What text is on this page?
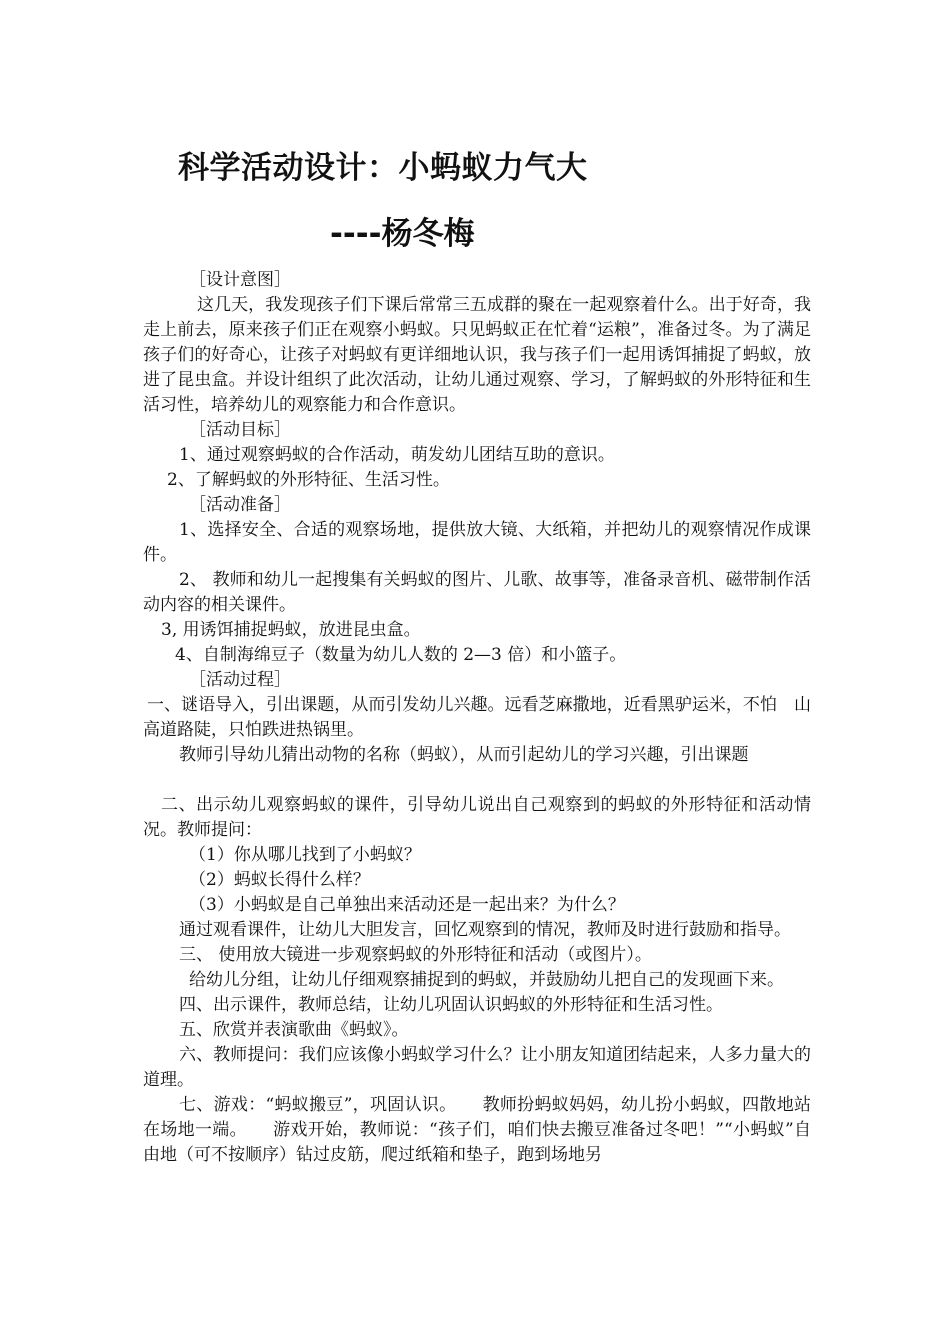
科学活动设计：小蚂蚁力气大
----杨冬梅

［设计意图］

这几天，我发现孩子们下课后常常三五成群的聚在一起观察着什么。出于好奇，我走上前去，原来孩子们正在观察小蚂蚁。只见蚂蚁正在忙着“运粮”，准备过冬。为了满足孩子们的好奇心，让孩子对蚂蚁有更详细地认识，我与孩子们一起用诱饵捕捉了蚂蚁，放进了昆虫盒。并设计组织了此次活动，让幼儿通过观察、学习，了解蚂蚁的外形特征和生活习性，培养幼儿的观察能力和合作意识。

［活动目标］

1、通过观察蚂蚁的合作活动，萌发幼儿团结互助的意识。

2、了解蚂蚁的外形特征、生活习性。

［活动准备］

1、选择安全、合适的观察场地，提供放大镜、大纸箱，并把幼儿的观察情况作成课件。

2、 教师和幼儿一起搜集有关蚂蚁的图片、儿歌、故事等，准备录音机、磁带制作活动内容的相关课件。

3, 用诱饵捕捉蚂蚁，放进昆虫盒。

4、自制海绵豆子（数量为幼儿人数的 2—3 倍）和小篮子。

［活动过程］

一、谜语导入，引出课题，从而引发幼儿兴趣。远看芝麻撒地，近看黑驴运米，不怕　山高道路陡，只怕跌进热锅里。

教师引导幼儿猜出动物的名称（蚂蚁），从而引起幼儿的学习兴趣，引出课题

二、出示幼儿观察蚂蚁的课件，引导幼儿说出自己观察到的蚂蚁的外形特征和活动情况。教师提问：

（1）你从哪儿找到了小蚂蚁？

（2）蚂蚁长得什么样？

（3）小蚂蚁是自己单独出来活动还是一起出来？为什么？

通过观看课件，让幼儿大胆发言，回忆观察到的情况，教师及时进行鼓励和指导。

三、 使用放大镜进一步观察蚂蚁的外形特征和活动（或图片）。

给幼儿分组，让幼儿仔细观察捕捉到的蚂蚁，并鼓励幼儿把自己的发现画下来。

四、出示课件，教师总结，让幼儿巩固认识蚂蚁的外形特征和生活习性。

五、欣赏并表演歌曲《蚂蚁》。

六、教师提问：我们应该像小蚂蚁学习什么？让小朋友知道团结起来，人多力量大的道理。

七、游戏：“蚂蚁搬豆”，巩固认识。　　教师扮蚂蚁妈妈，幼儿扮小蚂蚁，四散地站在场地一端。　　游戏开始，教师说：“孩子们，咱们快去搬豆准备过冬吧！”“小蚂蚁”自由地（可不按顺序）钻过皮筋，爬过纸箱和垫子，跑到场地另
